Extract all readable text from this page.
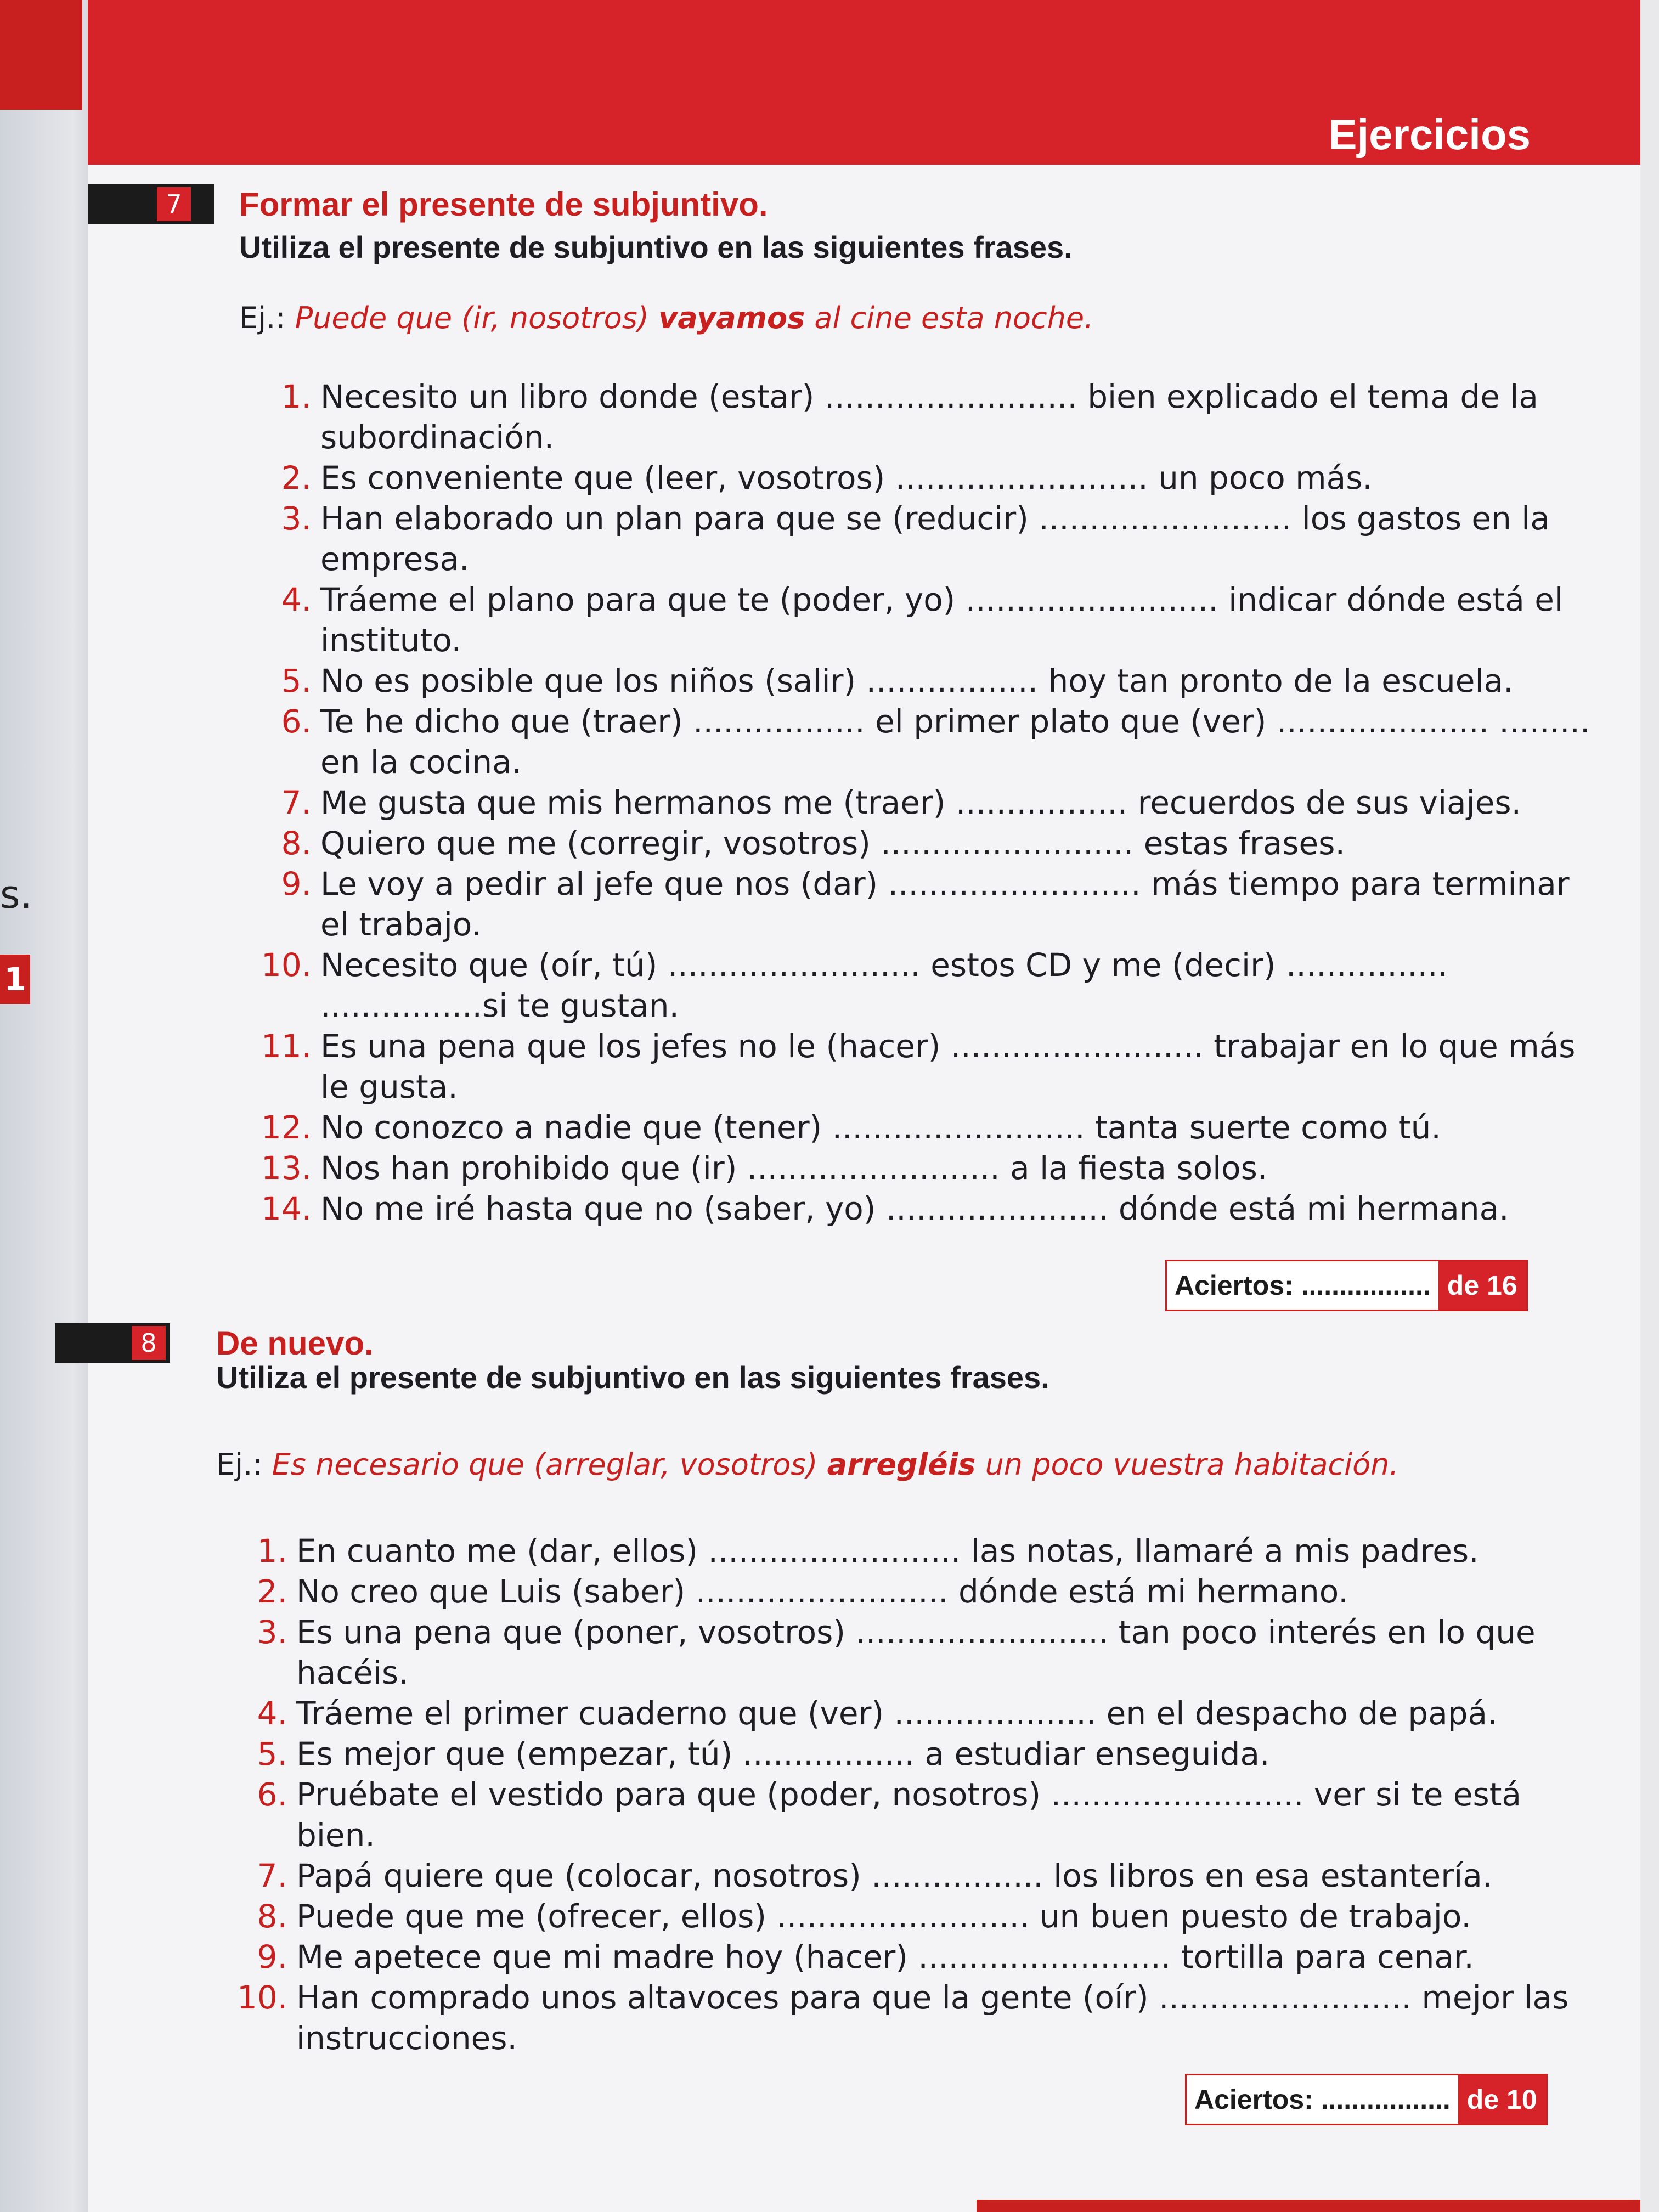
s.
1
Ejercicios
7 Formar el presente de subjuntivo.
Utiliza el presente de subjuntivo en las siguientes frases.
Ej.: Puede que (ir, nosotros) vayamos al cine esta noche.
1. Necesito un libro donde (estar) ......................... bien explicado el tema de la subordinación.
2. Es conveniente que (leer, vosotros) ......................... un poco más.
3. Han elaborado un plan para que se (reducir) ......................... los gastos en la empresa.
4. Tráeme el plano para que te (poder, yo) ......................... indicar dónde está el instituto.
5. No es posible que los niños (salir) ................. hoy tan pronto de la escuela.
6. Te he dicho que (traer) ................. el primer plato que (ver) ..................... ......... en la cocina.
7. Me gusta que mis hermanos me (traer) ................. recuerdos de sus viajes.
8. Quiero que me (corregir, vosotros) ......................... estas frases.
9. Le voy a pedir al jefe que nos (dar) ......................... más tiempo para terminar el trabajo.
10. Necesito que (oír, tú) ......................... estos CD y me (decir) ................ ................si te gustan.
11. Es una pena que los jefes no le (hacer) ......................... trabajar en lo que más le gusta.
12. No conozco a nadie que (tener) ......................... tanta suerte como tú.
13. Nos han prohibido que (ir) ......................... a la fiesta solos.
14. No me iré hasta que no (saber, yo) ...................... dónde está mi hermana.
Aciertos: ................. de 16
8 De nuevo.
Utiliza el presente de subjuntivo en las siguientes frases.
Ej.: Es necesario que (arreglar, vosotros) arregléis un poco vuestra habitación.
1. En cuanto me (dar, ellos) ......................... las notas, llamaré a mis padres.
2. No creo que Luis (saber) ......................... dónde está mi hermano.
3. Es una pena que (poner, vosotros) ......................... tan poco interés en lo que hacéis.
4. Tráeme el primer cuaderno que (ver) .................... en el despacho de papá.
5. Es mejor que (empezar, tú) ................. a estudiar enseguida.
6. Pruébate el vestido para que (poder, nosotros) ......................... ver si te está bien.
7. Papá quiere que (colocar, nosotros) ................. los libros en esa estantería.
8. Puede que me (ofrecer, ellos) ......................... un buen puesto de trabajo.
9. Me apetece que mi madre hoy (hacer) ......................... tortilla para cenar.
10. Han comprado unos altavoces para que la gente (oír) ......................... mejor las instrucciones.
Aciertos: ................. de 10
